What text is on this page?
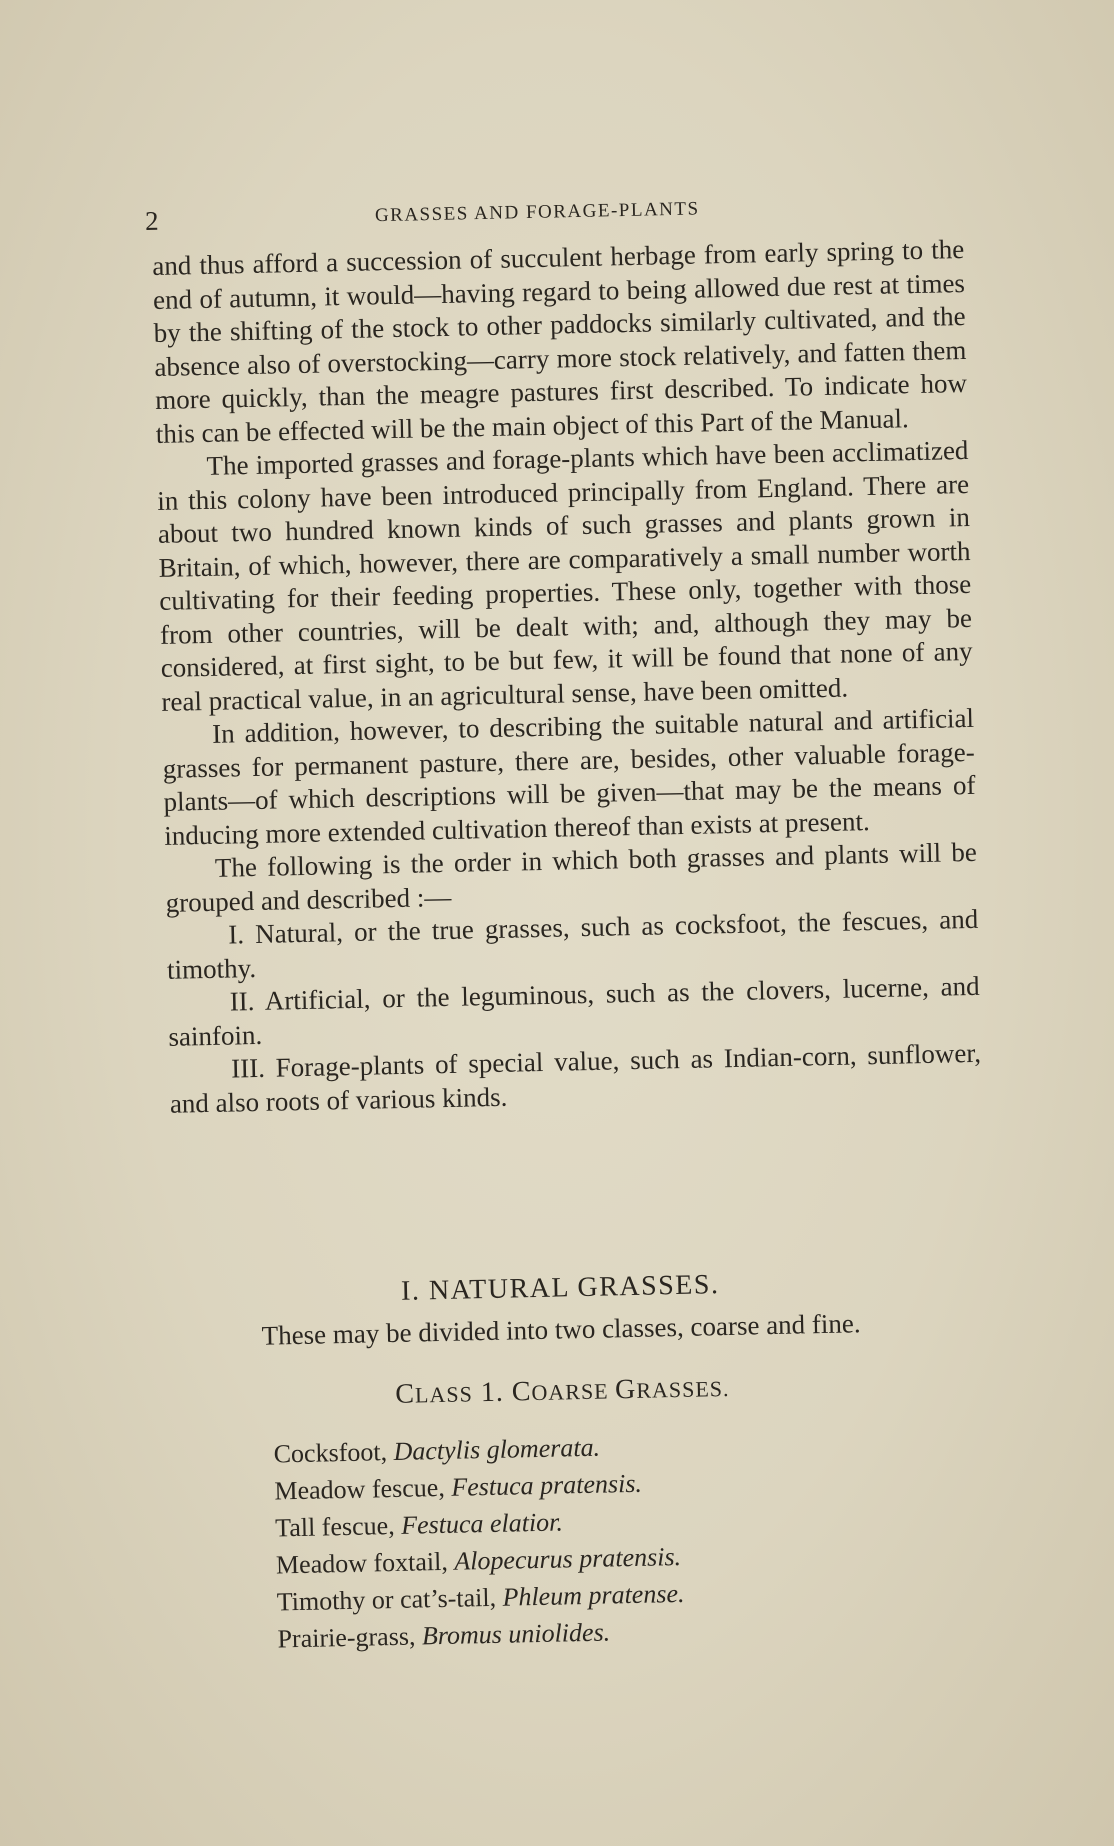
2	GRASSES AND FORAGE-PLANTS

and thus afford a succession of succulent herbage from early spring to the end of autumn, it would—having regard to being allowed due rest at times by the shifting of the stock to other paddocks similarly cultivated, and the absence also of overstocking—carry more stock relatively, and fatten them more quickly, than the meagre pastures first described. To indicate how this can be effected will be the main object of this Part of the Manual.

The imported grasses and forage-plants which have been acclimatized in this colony have been introduced principally from England. There are about two hundred known kinds of such grasses and plants grown in Britain, of which, however, there are comparatively a small number worth cultivating for their feeding properties. These only, together with those from other countries, will be dealt with; and, although they may be considered, at first sight, to be but few, it will be found that none of any real practical value, in an agricultural sense, have been omitted.

In addition, however, to describing the suitable natural and artificial grasses for permanent pasture, there are, besides, other valuable forage-plants—of which descriptions will be given—that may be the means of inducing more extended cultivation thereof than exists at present.

The following is the order in which both grasses and plants will be grouped and described :—

I. Natural, or the true grasses, such as cocksfoot, the fescues, and timothy.

II. Artificial, or the leguminous, such as the clovers, lucerne, and sainfoin.

III. Forage-plants of special value, such as Indian-corn, sunflower, and also roots of various kinds.

I. NATURAL GRASSES.
These may be divided into two classes, coarse and fine.
CLASS 1. COARSE GRASSES.
Cocksfoot, Dactylis glomerata.
Meadow fescue, Festuca pratensis.
Tall fescue, Festuca elatior.
Meadow foxtail, Alopecurus pratensis.
Timothy or cat’s-tail, Phleum pratense.
Prairie-grass, Bromus uniolides.
